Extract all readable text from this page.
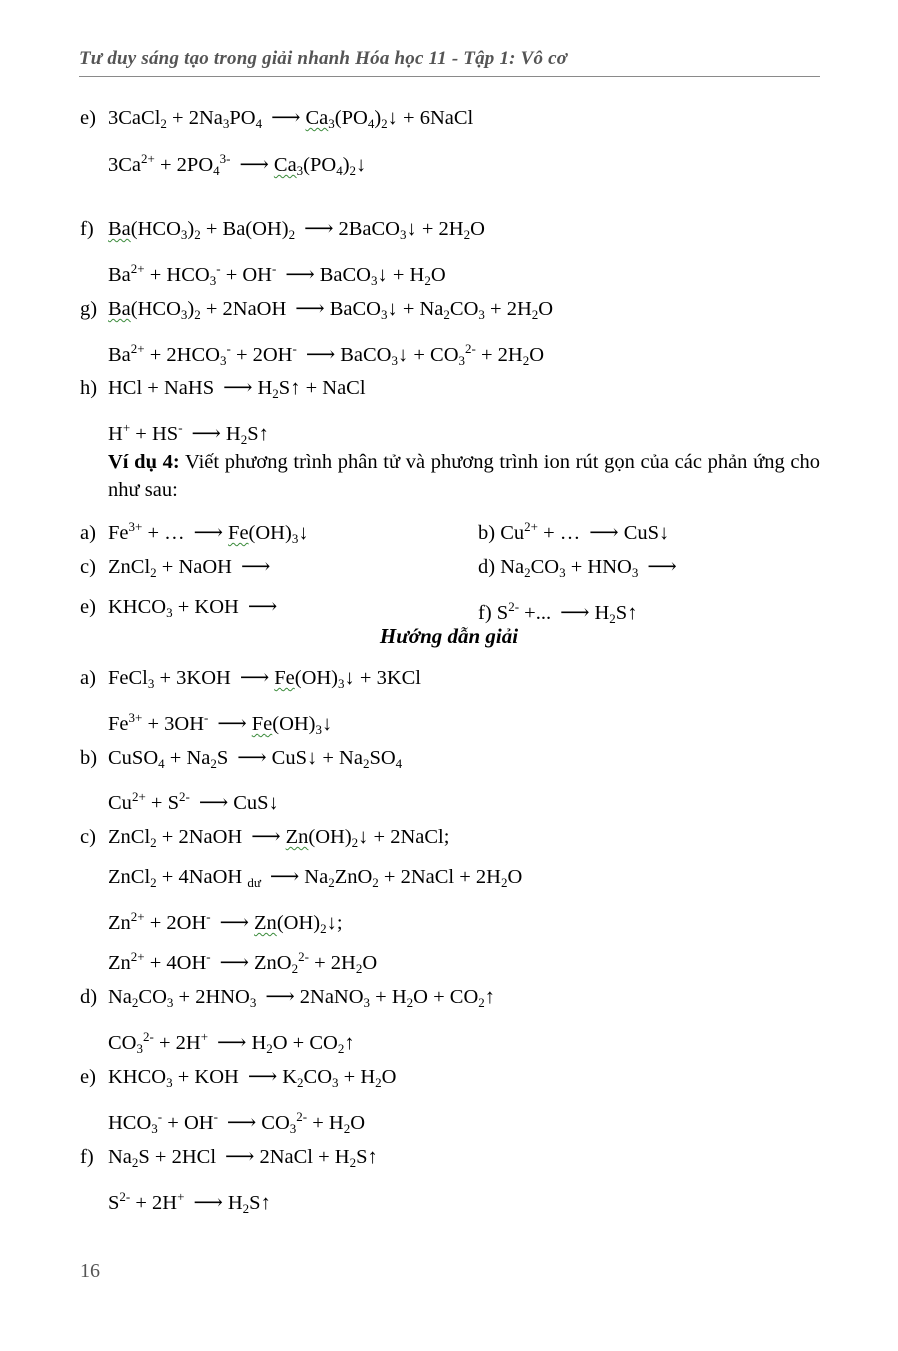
Tư duy sáng tạo trong giải nhanh Hóa học 11 - Tập 1: Vô cơ
e) 3CaCl$_2$ + $2Na_3PO_4$ ⟶ $Ca_3(PO_4)_2↓$ + 6NaCl
$3Ca^{2+} + 2PO_4^{3-}$ ⟶ $Ca_3(PO_4)_2↓$
f) $Ba(HCO_3)_2 + Ba(OH)_2$ ⟶ 2BaCO$_3$↓ + $2H_2O$
$Ba^{2+} + HCO_3^- + OH^-$ ⟶ BaCO$_3$↓ + $H_2O$
g) $Ba(HCO_3)_2$ + 2NaOH ⟶ BaCO$_3$↓ + $Na_2CO_3 + 2H_2O$
$Ba^{2+} + 2HCO_3^- + 2OH^-$ ⟶ BaCO$_3$↓ + $CO_3^{2-} + 2H_2O$
h) HCl + NaHS ⟶ $H_2S↑$ + NaCl
H+ + HS- ⟶ $H_2S↑$
Ví dụ 4: Viết phương trình phân tử và phương trình ion rút gọn của các phản ứng cho như sau:
a) $Fe^{3+}$ + … ⟶ $Fe(OH)_3↓$	b) $Cu^{2+}$ + … ⟶ CuS↓
c) ZnCl$_2$ + NaOH ⟶	d) $Na_2CO_3 + HNO_3$ ⟶
e) $KHCO_3$ + KOH ⟶	f) $S^{2-}$ +... ⟶ $H_2S↑$
Hướng dẫn giải
a) FeCl$_3$ + 3KOH ⟶ $Fe(OH)_3↓ + 3KCl$
$Fe^{3+} + 3OH^-$ ⟶ $Fe(OH)_3↓$
b) CuSO$_4$ + $Na_2S$ ⟶ CuS↓ + $Na_2SO_4$
$Cu^{2+} + S^{2-}$ ⟶ CuS↓
c) ZnCl$_2$ + 2NaOH ⟶ $Zn(OH)_2↓$ + 2NaCl;
ZnCl$_2$ + 4NaOH $_{dư}$ ⟶ $Na_2ZnO_2$ + 2NaCl + $2H_2O$
$Zn^{2+} + 2OH^-$ ⟶ $Zn(OH)_2↓$;
$Zn^{2+} + 4OH^-$ ⟶ $ZnO_2^{2-} + 2H_2O$
d) $Na_2CO_3 + 2HNO_3$ ⟶ 2NaNO$_3$ + $H_2O$ + $CO_2↑$
$CO_3^{2-} + 2H^+$ ⟶ $H_2O$ + $CO_2↑$
e) $KHCO_3$ + KOH ⟶ $K_2CO_3 + H_2O$
$HCO_3^- + OH^-$ ⟶ $CO_3^{2-} + H_2O$
f) $Na_2S + 2HCl$ ⟶ 2NaCl + $H_2S↑$
$S^{2-} + 2H^+$ ⟶ $H_2S↑$
16
